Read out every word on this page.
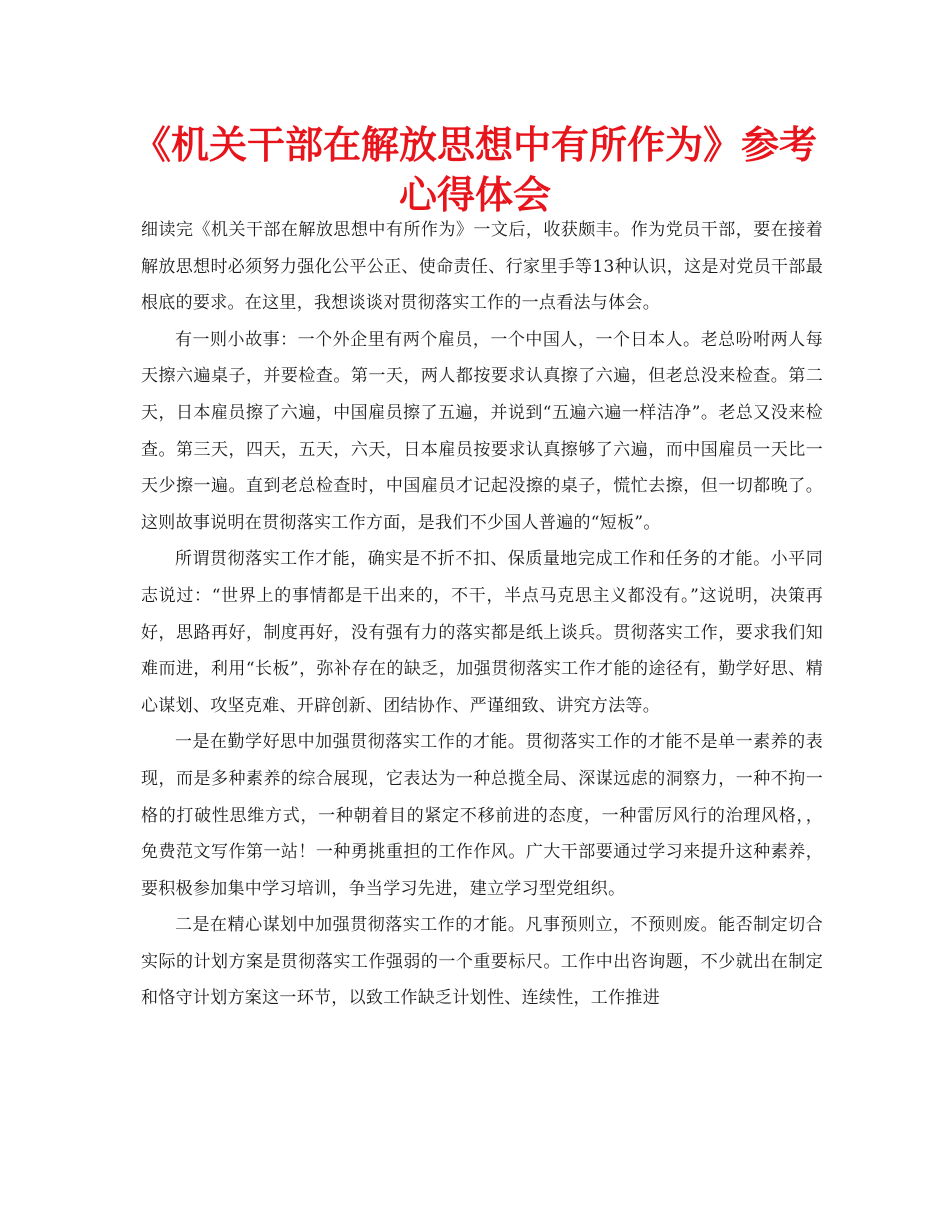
《机关干部在解放思想中有所作为》参考心得体会

细读完《机关干部在解放思想中有所作为》一文后，收获颇丰。作为党员干部，要在接着解放思想时必须努力强化公平公正、使命责任、行家里手等13种认识，这是对党员干部最根底的要求。在这里，我想谈谈对贯彻落实工作的一点看法与体会。

有一则小故事：一个外企里有两个雇员，一个中国人，一个日本人。老总吩咐两人每天擦六遍桌子，并要检查。第一天，两人都按要求认真擦了六遍，但老总没来检查。第二天，日本雇员擦了六遍，中国雇员擦了五遍，并说到“五遍六遍一样洁净”。老总又没来检查。第三天，四天，五天，六天，日本雇员按要求认真擦够了六遍，而中国雇员一天比一天少擦一遍。直到老总检查时，中国雇员才记起没擦的桌子，慌忙去擦，但一切都晚了。这则故事说明在贯彻落实工作方面，是我们不少国人普遍的“短板”。

所谓贯彻落实工作才能，确实是不折不扣、保质量地完成工作和任务的才能。小平同志说过：“世界上的事情都是干出来的，不干，半点马克思主义都没有。”这说明，决策再好，思路再好，制度再好，没有强有力的落实都是纸上谈兵。贯彻落实工作，要求我们知难而进，利用“长板”，弥补存在的缺乏，加强贯彻落实工作才能的途径有，勤学好思、精心谋划、攻坚克难、开辟创新、团结协作、严谨细致、讲究方法等。

一是在勤学好思中加强贯彻落实工作的才能。贯彻落实工作的才能不是单一素养的表现，而是多种素养的综合展现，它表达为一种总揽全局、深谋远虑的洞察力，一种不拘一格的打破性思维方式，一种朝着目的紧定不移前进的态度，一种雷厉风行的治理风格，，免费范文写作第一站！一种勇挑重担的工作作风。广大干部要通过学习来提升这种素养，要积极参加集中学习培训，争当学习先进，建立学习型党组织。

二是在精心谋划中加强贯彻落实工作的才能。凡事预则立，不预则废。能否制定切合实际的计划方案是贯彻落实工作强弱的一个重要标尺。工作中出咨询题，不少就出在制定和恪守计划方案这一环节，以致工作缺乏计划性、连续性，工作推进
